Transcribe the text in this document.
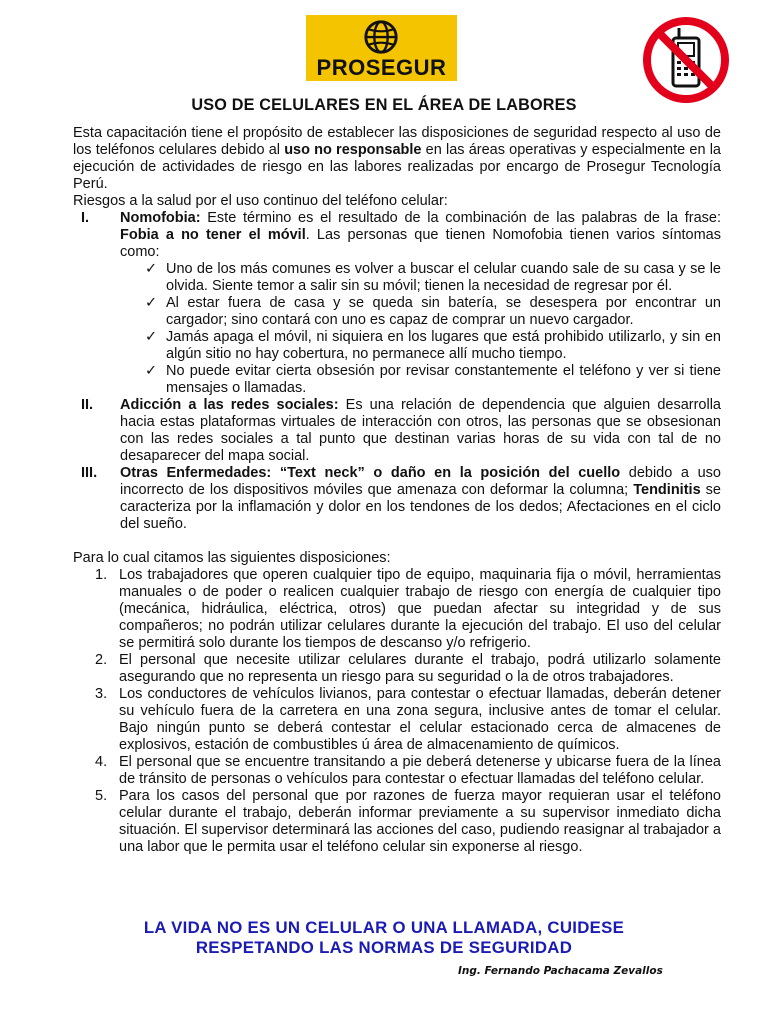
PROSEGUR
USO DE CELULARES EN EL ÁREA DE LABORES

Esta capacitación tiene el propósito de establecer las disposiciones de seguridad respecto al uso de los teléfonos celulares debido al uso no responsable en las áreas operativas y especialmente en la ejecución de actividades de riesgo en las labores realizadas por encargo de Prosegur Tecnología Perú.

Riesgos a la salud por el uso continuo del teléfono celular:

I. Nomofobia: Este término es el resultado de la combinación de las palabras de la frase: Fobia a no tener el móvil. Las personas que tienen Nomofobia tienen varios síntomas como:
✓ Uno de los más comunes es volver a buscar el celular cuando sale de su casa y se le olvida. Siente temor a salir sin su móvil; tienen la necesidad de regresar por él.
✓ Al estar fuera de casa y se queda sin batería, se desespera por encontrar un cargador; sino contará con uno es capaz de comprar un nuevo cargador.
✓ Jamás apaga el móvil, ni siquiera en los lugares que está prohibido utilizarlo, y sin en algún sitio no hay cobertura, no permanece allí mucho tiempo.
✓ No puede evitar cierta obsesión por revisar constantemente el teléfono y ver si tiene mensajes o llamadas.
II. Adicción a las redes sociales: Es una relación de dependencia que alguien desarrolla hacia estas plataformas virtuales de interacción con otros, las personas que se obsesionan con las redes sociales a tal punto que destinan varias horas de su vida con tal de no desaparecer del mapa social.
III. Otras Enfermedades: “Text neck” o daño en la posición del cuello debido a uso incorrecto de los dispositivos móviles que amenaza con deformar la columna; Tendinitis se caracteriza por la inflamación y dolor en los tendones de los dedos; Afectaciones en el ciclo del sueño.

Para lo cual citamos las siguientes disposiciones:

1. Los trabajadores que operen cualquier tipo de equipo, maquinaria fija o móvil, herramientas manuales o de poder o realicen cualquier trabajo de riesgo con energía de cualquier tipo (mecánica, hidráulica, eléctrica, otros) que puedan afectar su integridad y de sus compañeros; no podrán utilizar celulares durante la ejecución del trabajo. El uso del celular se permitirá solo durante los tiempos de descanso y/o refrigerio.
2. El personal que necesite utilizar celulares durante el trabajo, podrá utilizarlo solamente asegurando que no representa un riesgo para su seguridad o la de otros trabajadores.
3. Los conductores de vehículos livianos, para contestar o efectuar llamadas, deberán detener su vehículo fuera de la carretera en una zona segura, inclusive antes de tomar el celular. Bajo ningún punto se deberá contestar el celular estacionado cerca de almacenes de explosivos, estación de combustibles ú área de almacenamiento de químicos.
4. El personal que se encuentre transitando a pie deberá detenerse y ubicarse fuera de la línea de tránsito de personas o vehículos para contestar o efectuar llamadas del teléfono celular.
5. Para los casos del personal que por razones de fuerza mayor requieran usar el teléfono celular durante el trabajo, deberán informar previamente a su supervisor inmediato dicha situación. El supervisor determinará las acciones del caso, pudiendo reasignar al trabajador a una labor que le permita usar el teléfono celular sin exponerse al riesgo.
LA VIDA NO ES UN CELULAR O UNA LLAMADA, CUIDESE
RESPETANDO LAS NORMAS DE SEGURIDAD
Ing. Fernando Pachacama Zevallos
